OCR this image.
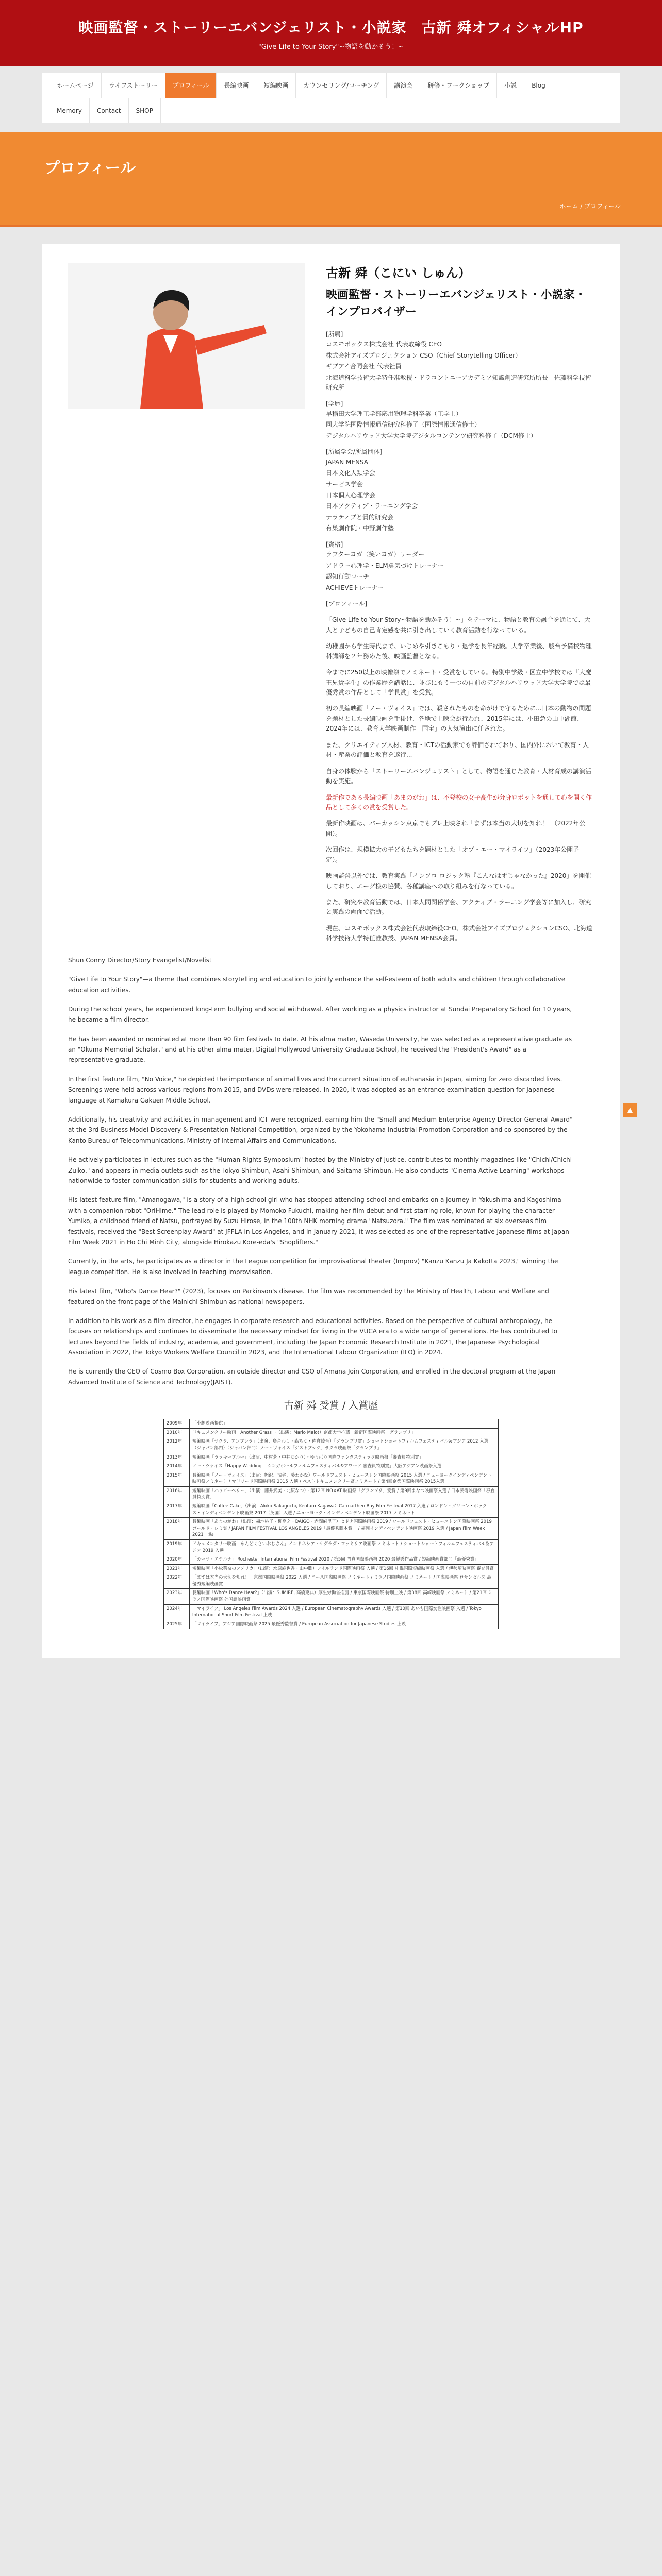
映画監督・ストーリーエバンジェリスト・小説家　古新 舜オフィシャルHP
"Give Life to Your Story"~物語を動かそう！~
ホームページ	ライフストーリー	プロフィール	長編映画	短編映画	カウンセリング/コーチング	講演会	研修・ワークショップ	小説	Blog
Memory	Contact	SHOP
プロフィール
ホーム / プロフィール
古新 舜（こにい しゅん）
映画監督・ストーリーエバンジェリスト・小説家・インプロバイザー
[所属]
コスモボックス株式会社 代表取締役 CEO
株式会社アイズプロジェクション CSO（Chief Storytelling Officer）
ギブアイ合同会社 代表社員
北海道科学技術大学特任准教授・ドラコントニーアカデミア知識創造研究所所長　佐藤科学技術研究所
[学歴]
早稲田大学理工学部応用物理学科卒業（工学士）
同大学院国際情報通信研究科修了（国際情報通信修士）
デジタルハリウッド大学大学院デジタルコンテンツ研究科修了（DCM修士）
[所属学会/所属団体]
JAPAN MENSA
日本文化人類学会
サービス学会
日本個人心理学会
日本アクティブ・ラーニング学会
ナラティブと質的研究会
有巣劇作院・中野劇作塾
[資格]
ラフターヨガ（笑いヨガ）リーダー
アドラー心理学・ELM勇気づけトレーナー
認知行動コーチ
ACHIEVEトレーナー
[プロフィール]

「Give Life to Your Story~物語を動かそう！~」をテーマに、物語と教育の融合を通じて、大人と子どもの自己肯定感を共に引き出していく教育活動を行なっている。

幼稚園から学生時代まで、いじめや引きこもり・退学を長年経験。大学卒業後、駿台予備校物理科講師を２年務めた後、映画監督となる。

今までに250以上の映像祭でノミネート・受賞をしている。特別中学級・区立中学校では『大魔王兄貴学生』の作業歴を講話に、並びにもう一つの自前のデジタルハリウッド大学大学院では最優秀賞の作品として「学長賞」を受賞。

初の長編映画「ノー・ヴォイス」では、殺されたものを命がけで守るために...日本の動物の問題を題材とした長編映画を手掛け、各地で上映会が行われ、2015年には、小田急の山中湖館、2024年には、教育大学映画制作「国宝」の人気演出に任された。

また、クリエイティブ人材、教育・ICTの活動家でも評価されており、国内外において教育・人材・産業の評価と教育を遂行...

自身の体験から「ストーリーエバンジェリスト」として、物語を通じた教育・人材育成の講演活動を実施。

最新作である長編映画「あまのがわ」は、不登校の女子高生が分身ロボットを通して心を開く作品として多くの賞を受賞した。

最新作映画は、バーカッシン東京でもプレ上映され「まずは本当の大切を知れ！」（2022年公開）。

次回作は、規模拡大の子どもたちを題材とした「オブ・エー・マイライフ」（2023年公開予定）。

映画監督以外では、教育実践「インプロ ロジック塾『こんなはずじゃなかった』2020」を開催しており、エーグ様の協賛、各種講座への取り組みを行なっている。

また、研究や教育活動では、日本人間関係学会、アクティブ・ラーニング学会等に加入し、研究と実践の両面で活動。

現在、コスモボックス株式会社代表取締役CEO、株式会社アイズプロジェクションCSO、北海道科学技術大学特任准教授、JAPAN MENSA会員。

Shun Conny Director/Story Evangelist/Novelist

"Give Life to Your Story"—a theme that combines storytelling and education to jointly enhance the self-esteem of both adults and children through collaborative education activities.

During the school years, he experienced long-term bullying and social withdrawal. After working as a physics instructor at Sundai Preparatory School for 10 years, he became a film director.

He has been awarded or nominated at more than 90 film festivals to date. At his alma mater, Waseda University, he was selected as a representative graduate as an "Okuma Memorial Scholar," and at his other alma mater, Digital Hollywood University Graduate School, he received the "President's Award" as a representative graduate.

In the first feature film, "No Voice," he depicted the importance of animal lives and the current situation of euthanasia in Japan, aiming for zero discarded lives. Screenings were held across various regions from 2015, and DVDs were released. In 2020, it was adopted as an entrance examination question for Japanese language at Kamakura Gakuen Middle School.

Additionally, his creativity and activities in management and ICT were recognized, earning him the "Small and Medium Enterprise Agency Director General Award" at the 3rd Business Model Discovery & Presentation National Competition, organized by the Yokohama Industrial Promotion Corporation and co-sponsored by the Kanto Bureau of Telecommunications, Ministry of Internal Affairs and Communications.

He actively participates in lectures such as the "Human Rights Symposium" hosted by the Ministry of Justice, contributes to monthly magazines like "Chichi/Chichi Zuiko," and appears in media outlets such as the Tokyo Shimbun, Asahi Shimbun, and Saitama Shimbun. He also conducts "Cinema Active Learning" workshops nationwide to foster communication skills for students and working adults.

His latest feature film, "Amanogawa," is a story of a high school girl who has stopped attending school and embarks on a journey in Yakushima and Kagoshima with a companion robot "OriHime." The lead role is played by Momoko Fukuchi, making her film debut and first starring role, known for playing the character Yumiko, a childhood friend of Natsu, portrayed by Suzu Hirose, in the 100th NHK morning drama "Natsuzora." The film was nominated at six overseas film festivals, received the "Best Screenplay Award" at JFFLA in Los Angeles, and in January 2021, it was selected as one of the representative Japanese films at Japan Film Week 2021 in Ho Chi Minh City, alongside Hirokazu Kore-eda's "Shoplifters."

Currently, in the arts, he participates as a director in the League competition for improvisational theater (Improv) "Kanzu Kanzu Ja Kakotta 2023," winning the league competition. He is also involved in teaching improvisation.

His latest film, "Who's Dance Hear?" (2023), focuses on Parkinson's disease. The film was recommended by the Ministry of Health, Labour and Welfare and featured on the front page of the Mainichi Shimbun as national newspapers.

In addition to his work as a film director, he engages in corporate research and educational activities. Based on the perspective of cultural anthropology, he focuses on relationships and continues to disseminate the necessary mindset for living in the VUCA era to a wide range of generations. He has contributed to lectures beyond the fields of industry, academia, and government, including the Japan Economic Research Institute in 2021, the Japanese Psychological Association in 2022, the Tokyo Workers Welfare Council in 2023, and the International Labour Organization (ILO) in 2024.

He is currently the CEO of Cosmo Box Corporation, an outside director and CSO of Amana Join Corporation, and enrolled in the doctoral program at the Japan Advanced Institute of Science and Technology(JAIST).

古新 舜 受賞 / 入賞歴
2009年	「小劇映画提供」
2010年	ドキュメンタリー映画「Another Grass」・（出演：Mario Maiot）京都大学推薦　新宿国際映画祭「グランプリ」
2012年	短編映画「サクラ、アンブレラ」（出演：鳥合わし・森ちゆ・佐倉綾音）「グランプリ賞」ショートショートフィルムフェスティバル＆アジア 2012 入選（ジャパン部門）（ジャパン部門）ノー・ヴォイス「ゲストブック」サクラ映画祭「グランプリ」
2013年	短編映画「ラッキーブルー」（出演：中村蒼・中井ゆかり）・ゆうばり国際ファンタスティック映画祭「審査員特別賞」
2014年	ノー・ヴォイス「Happy Wedding 　シンガポールフィルムフェスティバル&アワード 審査員特別賞」大阪アジアン映画祭入選
2015年	長編映画「ノー・ヴォイス」（出演：熊沢、渋谷、葵わかな）ワールドフェスト・ヒューストン国際映画祭 2015 入選 / ニューヨークインディペンデント映画祭ノミネート / マドリード国際映画祭 2015 入選 / ベストドキュメンタリー賞ノミネート / 第4回京都国際映画祭 2015入選
2016年	短編映画「ハッピーベリー」（出演：藤井武美・北原なつ）・第12回 NO×AT 映画祭「グランプリ」受賞 / 第9回まなつ映画祭入選 / 日本芸術映画祭「審査員特別賞」
2017年	短編映画「Coffee Cake」（出演：Akiko Sakaguchi, Kentaro Kagawa）Carmarthen Bay Film Festival 2017 入選 / ロンドン・グリーン・ボックス・インディペンデント映画祭 2017（英国）入選 / ニューヨーク・インディペンデント映画祭 2017 ノミネート
2018年	長編映画「あまのがわ」（出演：福地桃子・柳喬之・DAIGO・赤間麻里子）セドナ国際映画祭 2019 / ワールドフェスト・ヒューストン国際映画祭 2019 ゴールド・レミ賞 / JAPAN FILM FESTIVAL LOS ANGELES 2019「最優秀脚本賞」 / 福岡インディペンデント映画祭 2019 入選 / Japan Film Week 2021 上映
2019年	ドキュメンタリー映画「めんどくさいおじさん」インドネシア・サグラダ・ファミリア映画祭 ノミネート / ショートショートフィルムフェスティバル＆アジア 2019 入選
2020年	「カーサ・エテルナ」 Rochester International Film Festival 2020 / 第5回 門真国際映画祭 2020 最優秀作品賞 / 短編映画賞部門「最優秀賞」
2021年	短編映画「小松菜奈のアメリカ」（出演：水原麻也香・山中聡）アイルランド国際映画祭 入選 / 第16回 札幌国際短編映画祭 入選 / 伊勢崎映画祭 審査員賞
2022年	「まずは本当の大切を知れ！」京都国際映画祭 2022 入選 / ニース国際映画祭 ノミネート / ミラノ国際映画祭 ノミネート / 国際映画祭 ロサンゼルス 最優秀短編映画賞
2023年	長編映画「Who's Dance Hear?」（出演：SUMIRE, 高橋克典）厚生労働省推薦 / 東京国際映画祭 特別上映 / 第38回 高崎映画祭 ノミネート / 第21回 ミラノ国際映画祭 外国語映画賞
2024年	「マイライフ」 Los Angeles Film Awards 2024 入選 / European Cinematography Awards 入選 / 第10回 あいち国際女性映画祭 入選 / Tokyo International Short Film Festival 上映
2025年	「マイライフ」アジア国際映画祭 2025 最優秀監督賞 / European Association for Japanese Studies 上映
▲
